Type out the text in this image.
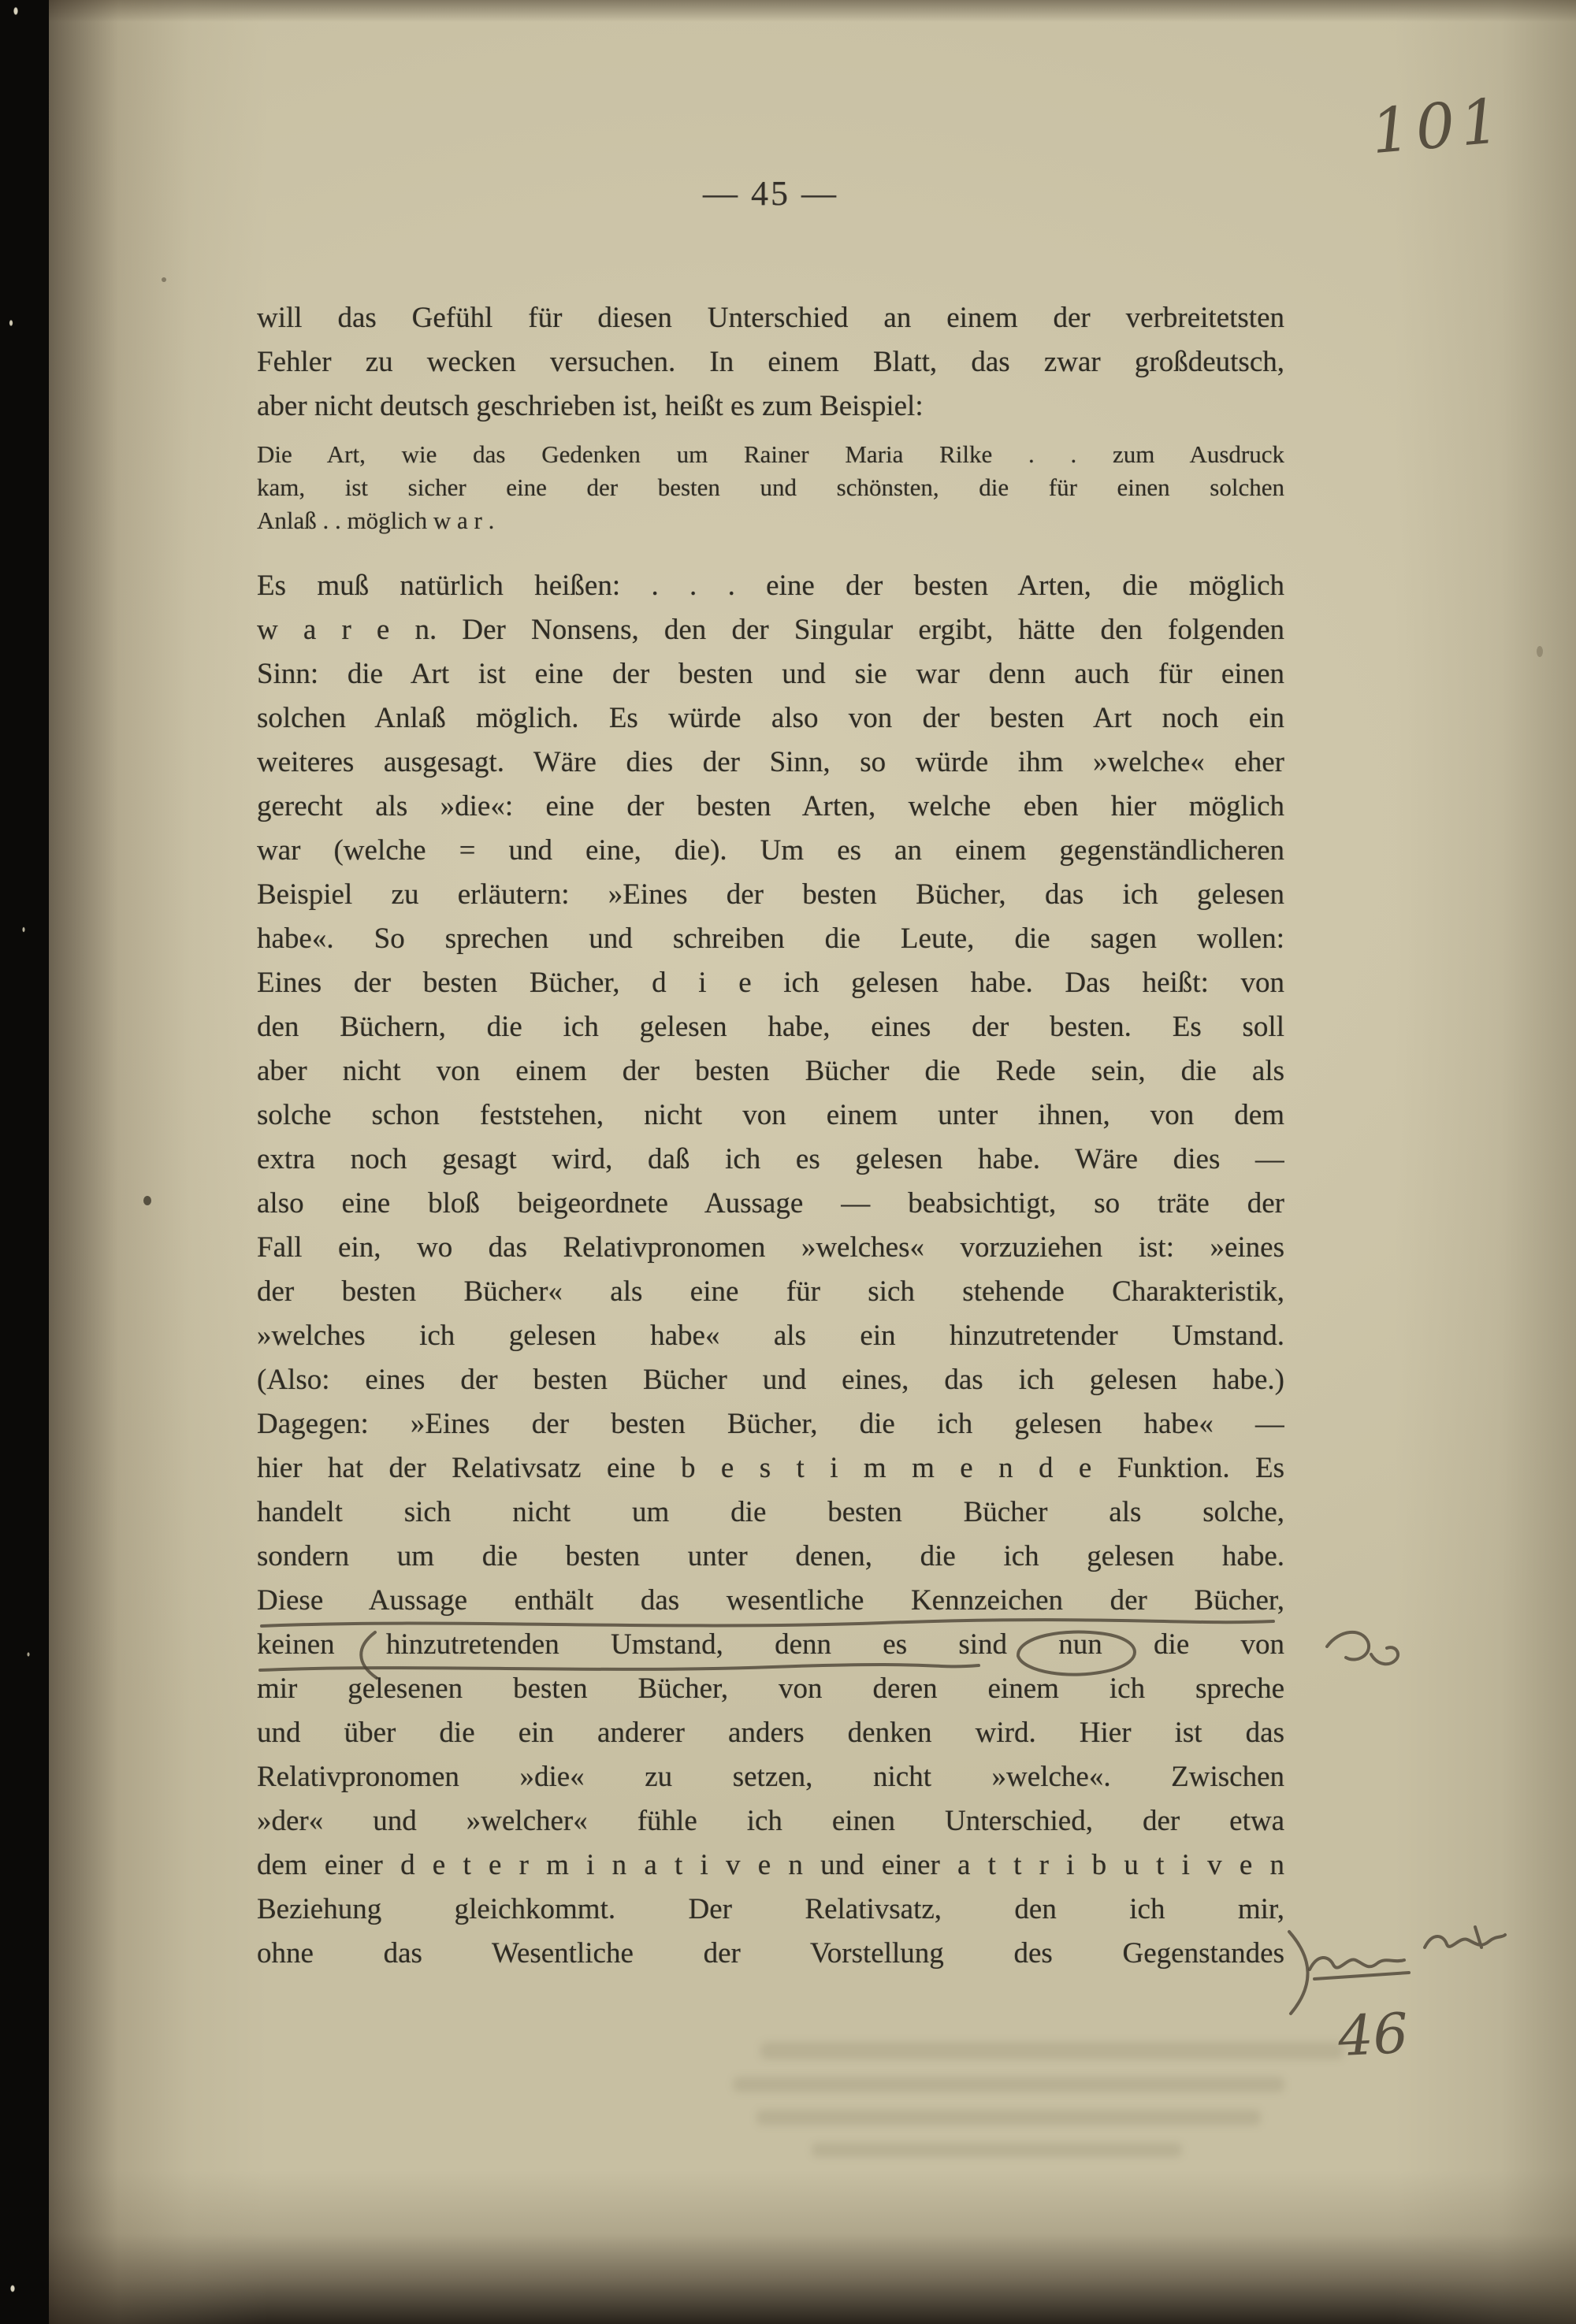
101
— 45 —
will das Gefühl für diesen Unterschied an einem der verbreitetsten
Fehler zu wecken versuchen. In einem Blatt, das zwar großdeutsch,
aber nicht deutsch geschrieben ist, heißt es zum Beispiel:
Die Art, wie das Gedenken um Rainer Maria Rilke . . zum Ausdruck
kam, ist sicher eine der besten und schönsten, die für einen solchen
Anlaß . . möglich w a r .
Es muß natürlich heißen: . . . eine der besten Arten, die möglich
w a r e n. Der Nonsens, den der Singular ergibt, hätte den folgenden
Sinn: die Art ist eine der besten und sie war denn auch für einen
solchen Anlaß möglich. Es würde also von der besten Art noch ein
weiteres ausgesagt. Wäre dies der Sinn, so würde ihm »welche« eher
gerecht als »die«: eine der besten Arten, welche eben hier möglich
war (welche = und eine, die). Um es an einem gegenständlicheren
Beispiel zu erläutern: »Eines der besten Bücher, das ich gelesen
habe«. So sprechen und schreiben die Leute, die sagen wollen:
Eines der besten Bücher, d i e ich gelesen habe. Das heißt: von
den Büchern, die ich gelesen habe, eines der besten. Es soll
aber nicht von einem der besten Bücher die Rede sein, die als
solche schon feststehen, nicht von einem unter ihnen, von dem
extra noch gesagt wird, daß ich es gelesen habe. Wäre dies —
also eine bloß beigeordnete Aussage — beabsichtigt, so träte der
Fall ein, wo das Relativpronomen »welches« vorzuziehen ist: »eines
der besten Bücher« als eine für sich stehende Charakteristik,
»welches ich gelesen habe« als ein hinzutretender Umstand.
(Also: eines der besten Bücher und eines, das ich gelesen habe.)
Dagegen: »Eines der besten Bücher, die ich gelesen habe« —
hier hat der Relativsatz eine b e s t i m m e n d e Funktion. Es
handelt sich nicht um die besten Bücher als solche,
sondern um die besten unter denen, die ich gelesen habe.
Diese Aussage enthält das wesentliche Kennzeichen der Bücher,
keinen hinzutretenden Umstand, denn es sind nun die von
mir gelesenen besten Bücher, von deren einem ich spreche
und über die ein anderer anders denken wird. Hier ist das
Relativpronomen »die« zu setzen, nicht »welche«. Zwischen
»der« und »welcher« fühle ich einen Unterschied, der etwa
dem einer d e t e r m i n a t i v e n und einer a t t r i b u t i v e n
Beziehung gleichkommt. Der Relativsatz, den ich mir,
ohne das Wesentliche der Vorstellung des Gegenstandes
46
